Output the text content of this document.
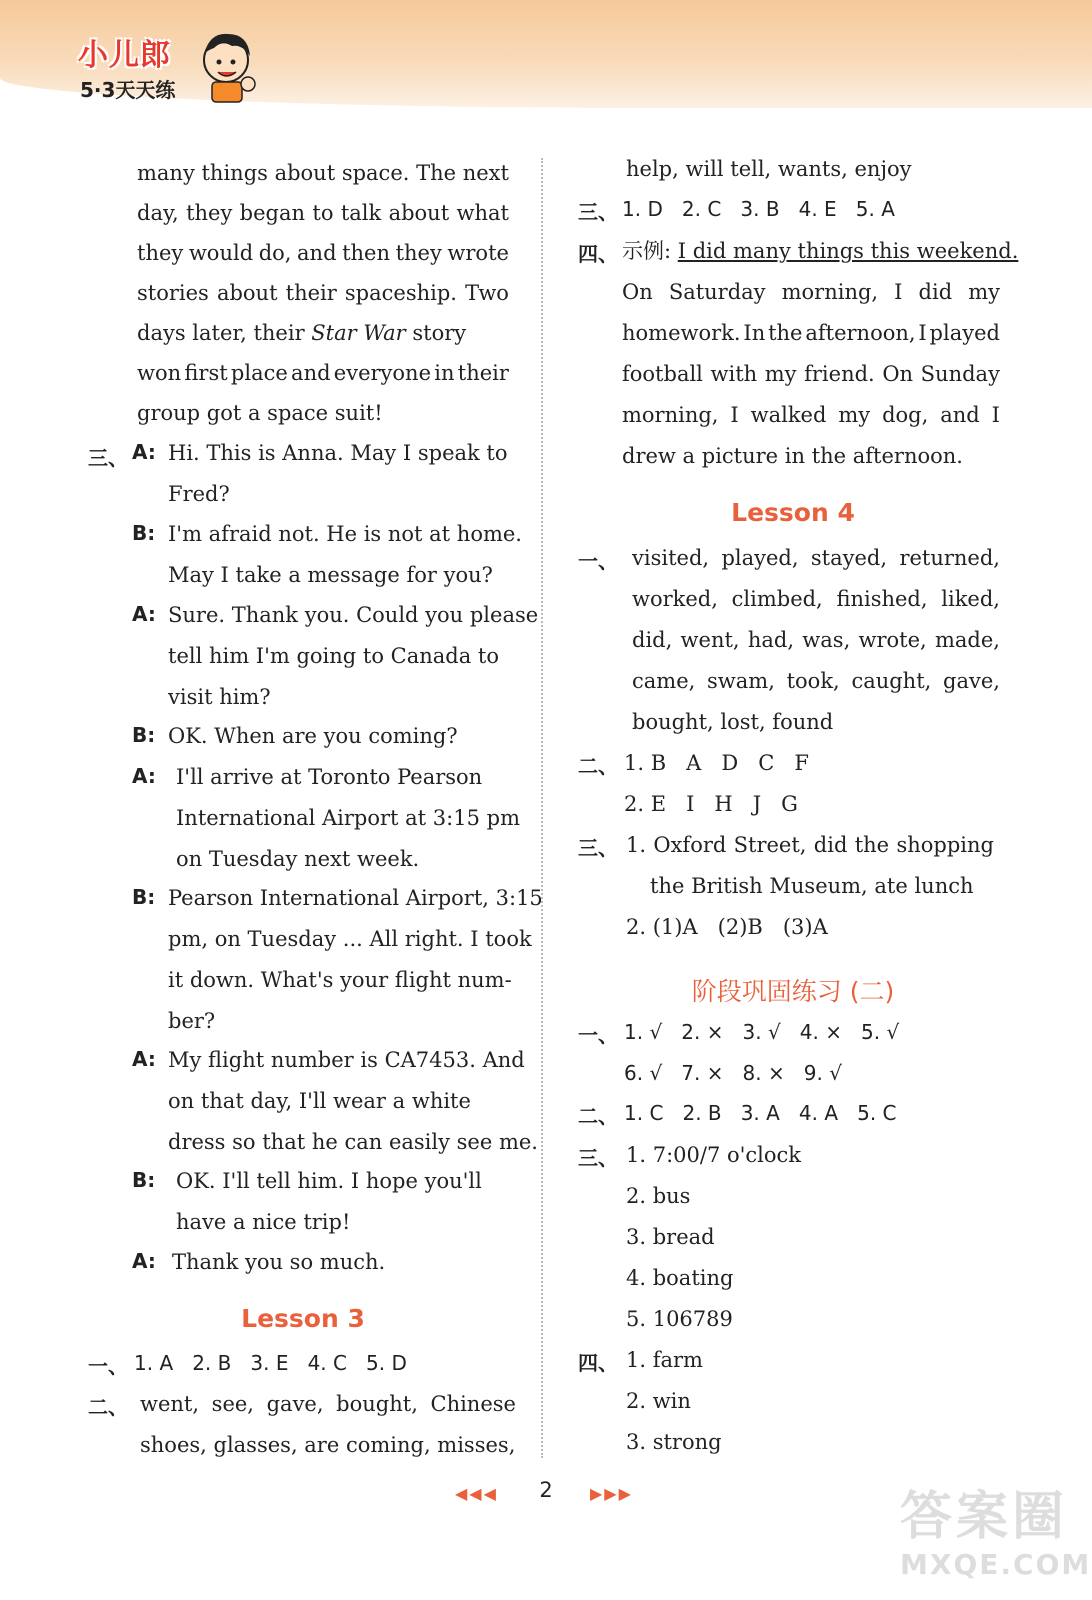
小儿郎
5·3天天练
many things about space. The next
day, they began to talk about what
they would do, and then they wrote
stories about their spaceship. Two
days later, their Star War story
won first place and everyone in their
group got a space suit!
三、 A: Hi. This is Anna. May I speak to
Fred?
B: I'm afraid not. He is not at home.
May I take a message for you?
A: Sure. Thank you. Could you please
tell him I'm going to Canada to
visit him?
B: OK. When are you coming?
A: I'll arrive at Toronto Pearson
International Airport at 3:15 pm
on Tuesday next week.
B: Pearson International Airport, 3:15
pm, on Tuesday ... All right. I took
it down. What's your flight num-
ber?
A: My flight number is CA7453. And
on that day, I'll wear a white
dress so that he can easily see me.
B: OK. I'll tell him. I hope you'll
have a nice trip!
A: Thank you so much.
Lesson 3
一、 1. A   2. B   3. E   4. C   5. D
二、 went, see, gave, bought, Chinese
shoes, glasses, are coming, misses,
help, will tell, wants, enjoy
三、 1. D   2. C   3. B   4. E   5. A
四、 示例: I did many things this weekend.
On Saturday morning, I did my
homework. In the afternoon, I played
football with my friend. On Sunday
morning, I walked my dog, and I
drew a picture in the afternoon.
Lesson 4
一、 visited, played, stayed, returned,
worked, climbed, finished, liked,
did, went, had, was, wrote, made,
came, swam, took, caught, gave,
bought, lost, found
二、 1. B   A   D   C   F
2. E   I   H   J   G
三、 1. Oxford Street, did the shopping
the British Museum, ate lunch
2. (1)A   (2)B   (3)A
阶段巩固练习 (二)
一、 1. √   2. ×   3. √   4. ×   5. √
6. √   7. ×   8. ×   9. √
二、 1. C   2. B   3. A   4. A   5. C
三、 1. 7:00/7 o'clock
2. bus
3. bread
4. boating
5. 106789
四、 1. farm
2. win
3. strong
◀◀◀ 2 ▶▶▶	答案圈
MXQE.COM
